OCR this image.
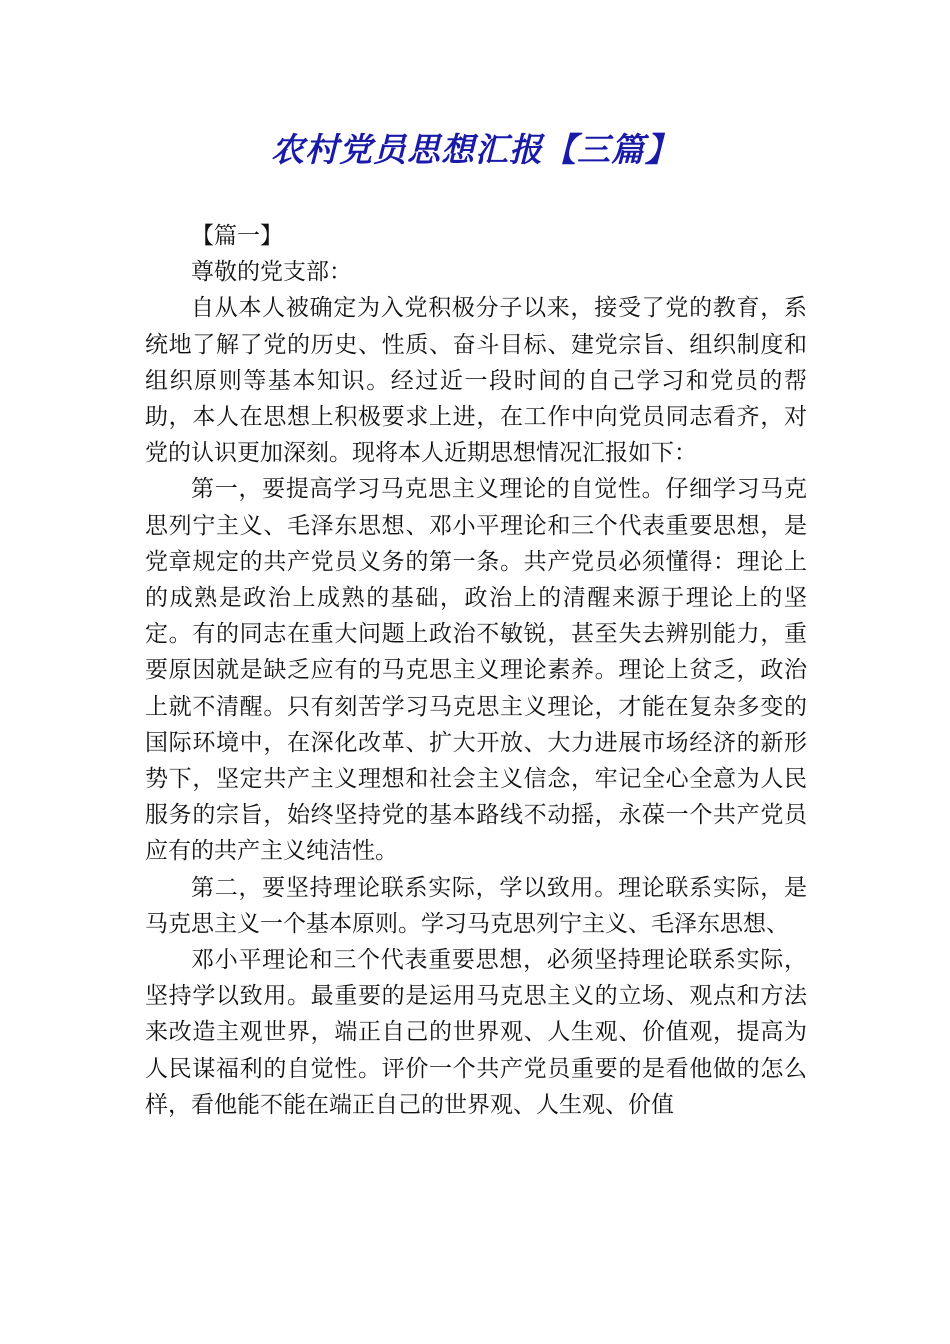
农村党员思想汇报【三篇】

【篇一】

尊敬的党支部：

自从本人被确定为入党积极分子以来，接受了党的教育，系统地了解了党的历史、性质、奋斗目标、建党宗旨、组织制度和组织原则等基本知识。经过近一段时间的自己学习和党员的帮助，本人在思想上积极要求上进，在工作中向党员同志看齐，对党的认识更加深刻。现将本人近期思想情况汇报如下：

第一，要提高学习马克思主义理论的自觉性。仔细学习马克思列宁主义、毛泽东思想、邓小平理论和三个代表重要思想，是党章规定的共产党员义务的第一条。共产党员必须懂得：理论上的成熟是政治上成熟的基础，政治上的清醒来源于理论上的坚定。有的同志在重大问题上政治不敏锐，甚至失去辨别能力，重要原因就是缺乏应有的马克思主义理论素养。理论上贫乏，政治上就不清醒。只有刻苦学习马克思主义理论，才能在复杂多变的国际环境中，在深化改革、扩大开放、大力进展市场经济的新形势下，坚定共产主义理想和社会主义信念，牢记全心全意为人民服务的宗旨，始终坚持党的基本路线不动摇，永葆一个共产党员应有的共产主义纯洁性。

第二，要坚持理论联系实际，学以致用。理论联系实际，是马克思主义一个基本原则。学习马克思列宁主义、毛泽东思想、

邓小平理论和三个代表重要思想，必须坚持理论联系实际，坚持学以致用。最重要的是运用马克思主义的立场、观点和方法来改造主观世界，端正自己的世界观、人生观、价值观，提高为人民谋福利的自觉性。评价一个共产党员重要的是看他做的怎么样，看他能不能在端正自己的世界观、人生观、价值
